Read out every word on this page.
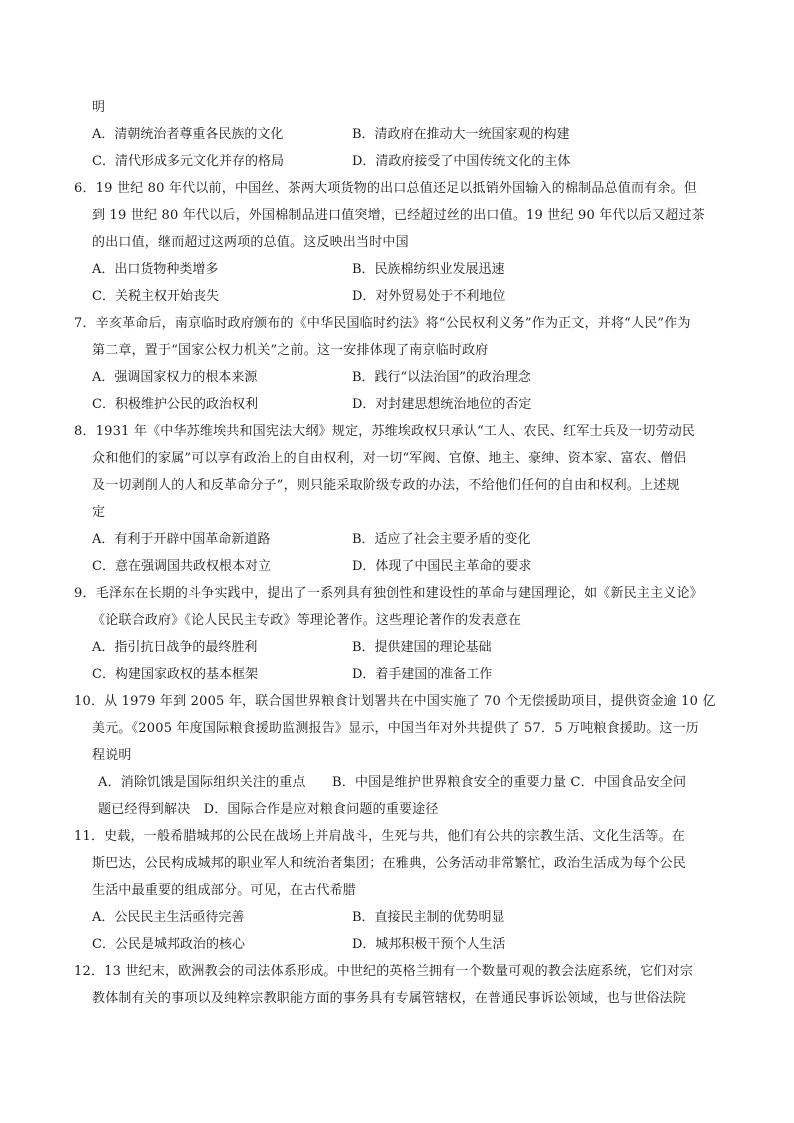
明
A．清朝统治者尊重各民族的文化	B．清政府在推动大一统国家观的构建
C．清代形成多元文化并存的格局	D．清政府接受了中国传统文化的主体
6．19 世纪 80 年代以前，中国丝、茶两大项货物的出口总值还足以抵销外国输入的棉制品总值而有余。但
到 19 世纪 80 年代以后，外国棉制品进口值突增，已经超过丝的出口值。19 世纪 90 年代以后又超过茶
的出口值，继而超过这两项的总值。这反映出当时中国
A．出口货物种类增多	B．民族棉纺织业发展迅速
C．关税主权开始丧失	D．对外贸易处于不利地位
7．辛亥革命后，南京临时政府颁布的《中华民国临时约法》将“公民权利义务”作为正文，并将“人民”作为
第二章，置于“国家公权力机关”之前。这一安排体现了南京临时政府
A．强调国家权力的根本来源	B．践行“以法治国”的政治理念
C．积极维护公民的政治权利	D．对封建思想统治地位的否定
8．1931 年《中华苏维埃共和国宪法大纲》规定，苏维埃政权只承认“工人、农民、红军士兵及一切劳动民
众和他们的家属”可以享有政治上的自由权利，对一切“军阀、官僚、地主、豪绅、资本家、富农、僧侣
及一切剥削人的人和反革命分子”，则只能采取阶级专政的办法，不给他们任何的自由和权利。上述规
定
A．有利于开辟中国革命新道路	B．适应了社会主要矛盾的变化
C．意在强调国共政权根本对立	D．体现了中国民主革命的要求
9．毛泽东在长期的斗争实践中，提出了一系列具有独创性和建设性的革命与建国理论，如《新民主主义论》
《论联合政府》《论人民民主专政》等理论著作。这些理论著作的发表意在
A．指引抗日战争的最终胜利	B．提供建国的理论基础
C．构建国家政权的基本框架	D．着手建国的准备工作
10．从 1979 年到 2005 年，联合国世界粮食计划署共在中国实施了 70 个无偿援助项目，提供资金逾 10 亿
美元。《2005 年度国际粮食援助监测报告》显示，中国当年对外共提供了 57．5 万吨粮食援助。这一历
程说明
A．消除饥饿是国际组织关注的重点　　B．中国是维护世界粮食安全的重要力量 C．中国食品安全问
题已经得到解决　D．国际合作是应对粮食问题的重要途径
11．史载，一般希腊城邦的公民在战场上并肩战斗，生死与共，他们有公共的宗教生活、文化生活等。在
斯巴达，公民构成城邦的职业军人和统治者集团；在雅典，公务活动非常繁忙，政治生活成为每个公民
生活中最重要的组成部分。可见，在古代希腊
A．公民民主生活亟待完善	B．直接民主制的优势明显
C．公民是城邦政治的核心	D．城邦积极干预个人生活
12．13 世纪末，欧洲教会的司法体系形成。中世纪的英格兰拥有一个数量可观的教会法庭系统，它们对宗
教体制有关的事项以及纯粹宗教职能方面的事务具有专属管辖权，在普通民事诉讼领域，也与世俗法院
